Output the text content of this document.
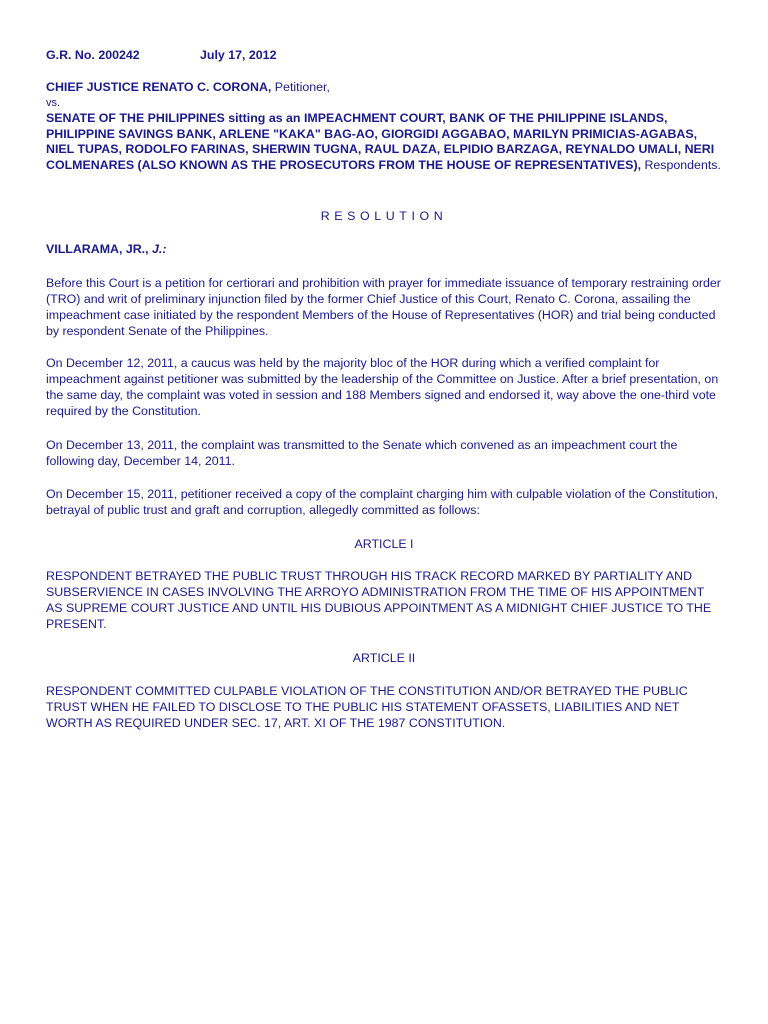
G.R. No. 200242	July 17, 2012
CHIEF JUSTICE RENATO C. CORONA, Petitioner,
vs.
SENATE OF THE PHILIPPINES sitting as an IMPEACHMENT COURT, BANK OF THE PHILIPPINE ISLANDS, PHILIPPINE SAVINGS BANK, ARLENE "KAKA" BAG-AO, GIORGIDI AGGABAO, MARILYN PRIMICIAS-AGABAS, NIEL TUPAS, RODOLFO FARINAS, SHERWIN TUGNA, RAUL DAZA, ELPIDIO BARZAGA, REYNALDO UMALI, NERI COLMENARES (ALSO KNOWN AS THE PROSECUTORS FROM THE HOUSE OF REPRESENTATIVES), Respondents.
RESOLUTION
VILLARAMA, JR., J.:
Before this Court is a petition for certiorari and prohibition with prayer for immediate issuance of temporary restraining order (TRO) and writ of preliminary injunction filed by the former Chief Justice of this Court, Renato C. Corona, assailing the impeachment case initiated by the respondent Members of the House of Representatives (HOR) and trial being conducted by respondent Senate of the Philippines.
On December 12, 2011, a caucus was held by the majority bloc of the HOR during which a verified complaint for impeachment against petitioner was submitted by the leadership of the Committee on Justice. After a brief presentation, on the same day, the complaint was voted in session and 188 Members signed and endorsed it, way above the one-third vote required by the Constitution.
On December 13, 2011, the complaint was transmitted to the Senate which convened as an impeachment court the following day, December 14, 2011.
On December 15, 2011, petitioner received a copy of the complaint charging him with culpable violation of the Constitution, betrayal of public trust and graft and corruption, allegedly committed as follows:
ARTICLE I
RESPONDENT BETRAYED THE PUBLIC TRUST THROUGH HIS TRACK RECORD MARKED BY PARTIALITY AND SUBSERVIENCE IN CASES INVOLVING THE ARROYO ADMINISTRATION FROM THE TIME OF HIS APPOINTMENT AS SUPREME COURT JUSTICE AND UNTIL HIS DUBIOUS APPOINTMENT AS A MIDNIGHT CHIEF JUSTICE TO THE PRESENT.
ARTICLE II
RESPONDENT COMMITTED CULPABLE VIOLATION OF THE CONSTITUTION AND/OR BETRAYED THE PUBLIC TRUST WHEN HE FAILED TO DISCLOSE TO THE PUBLIC HIS STATEMENT OFASSETS, LIABILITIES AND NET WORTH AS REQUIRED UNDER SEC. 17, ART. XI OF THE 1987 CONSTITUTION.
